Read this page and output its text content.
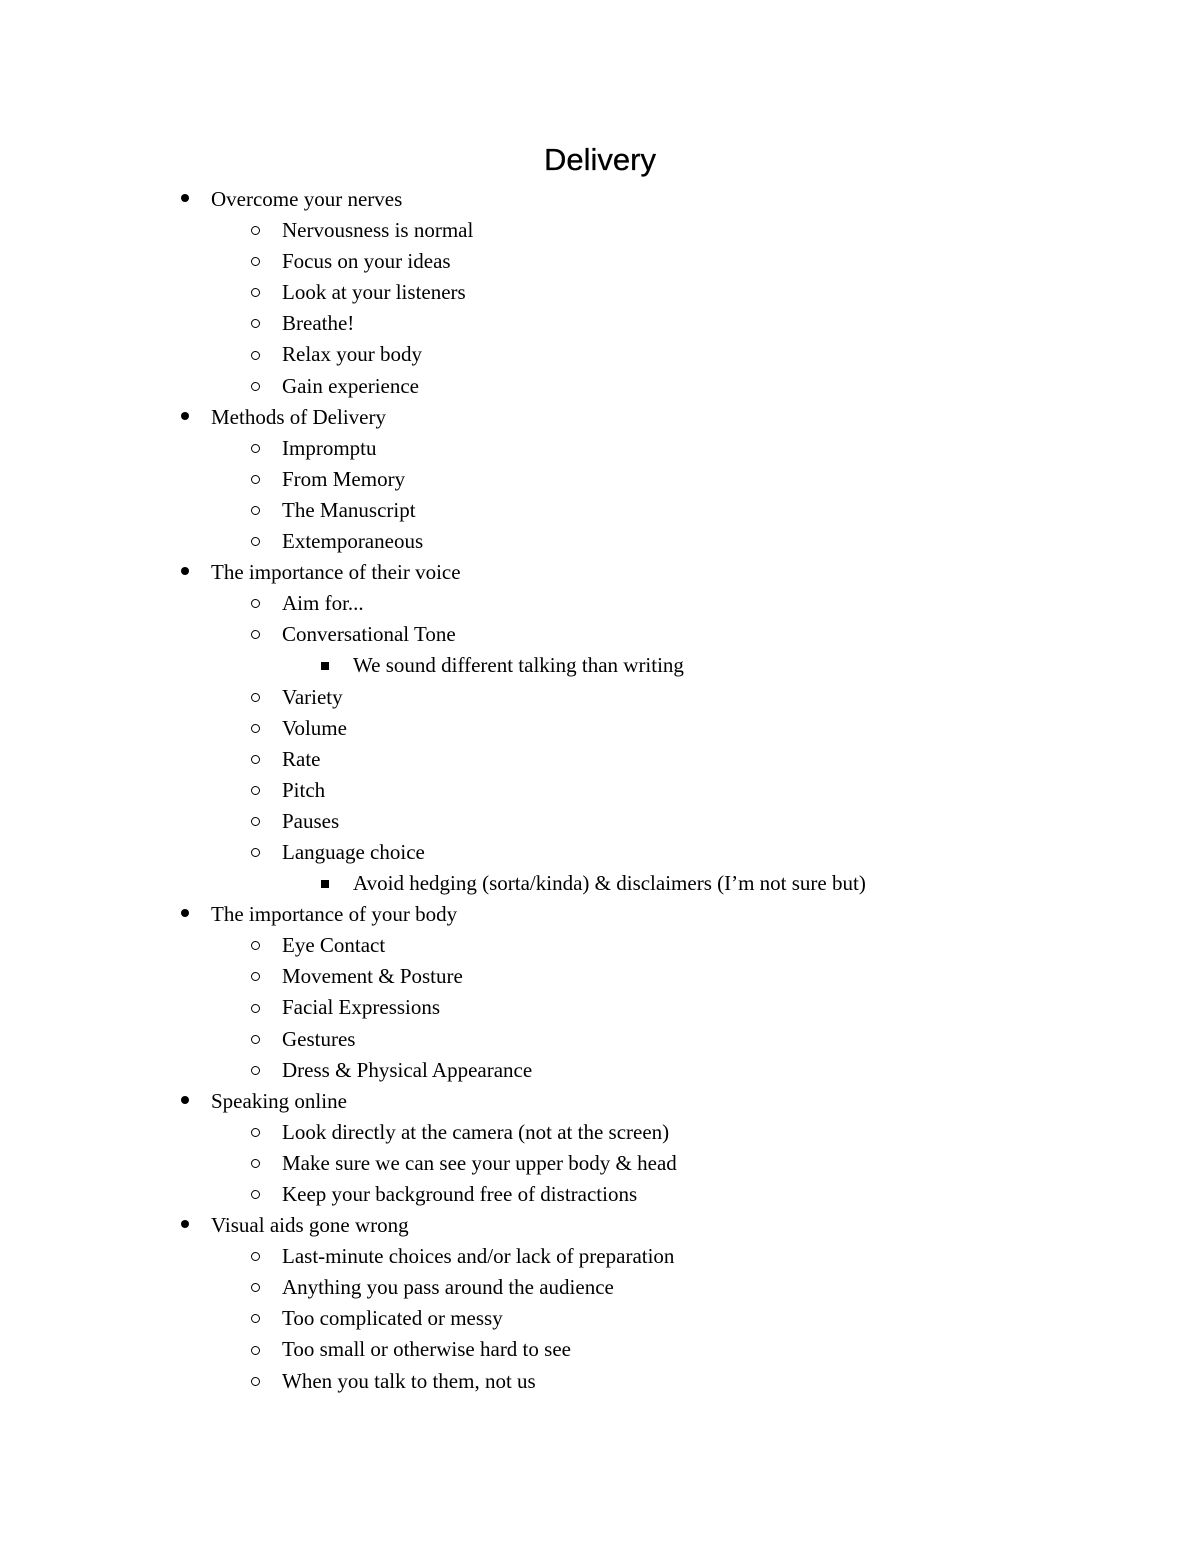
Delivery
Overcome your nerves
Nervousness is normal
Focus on your ideas
Look at your listeners
Breathe!
Relax your body
Gain experience
Methods of Delivery
Impromptu
From Memory
The Manuscript
Extemporaneous
The importance of their voice
Aim for...
Conversational Tone
We sound different talking than writing
Variety
Volume
Rate
Pitch
Pauses
Language choice
Avoid hedging (sorta/kinda) & disclaimers (I’m not sure but)
The importance of your body
Eye Contact
Movement & Posture
Facial Expressions
Gestures
Dress & Physical Appearance
Speaking online
Look directly at the camera (not at the screen)
Make sure we can see your upper body & head
Keep your background free of distractions
Visual aids gone wrong
Last-minute choices and/or lack of preparation
Anything you pass around the audience
Too complicated or messy
Too small or otherwise hard to see
When you talk to them, not us
